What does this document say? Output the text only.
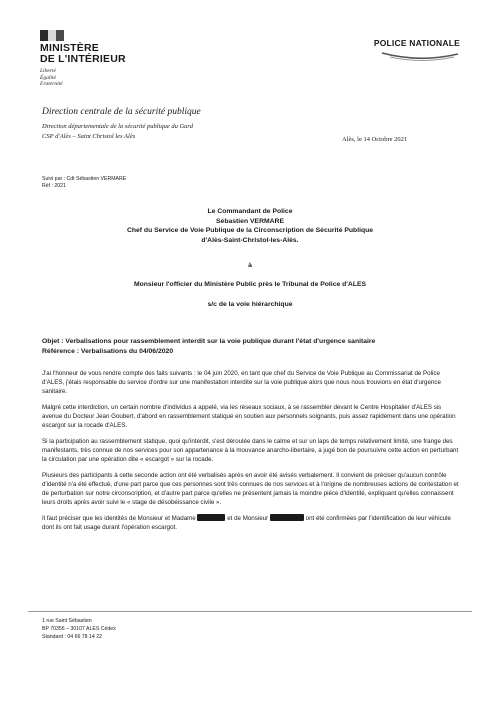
MINISTÈRE
DE L'INTÉRIEUR
Liberté
Égalité
Fraternité
POLICE NATIONALE
Direction centrale de la sécurité publique
Direction départementale de la sécurité publique du Gard
CSP d'Alès – Saint Christol les Alès	Alès, le 14 Octobre 2021
Suivi par : Cdt Sébastien VERMARE
Réf : 2021
Le Commandant de Police
Sébastien VERMARE
Chef du Service de Voie Publique de la Circonscription de Sécurité Publique
d'Alès-Saint-Christol-les-Alès.
à
Monsieur l'officier du Ministère Public près le Tribunal de Police d'ALES
s/c de la voie hiérarchique
Objet : Verbalisations pour rassemblement interdit sur la voie publique durant l'état d'urgence sanitaire
Référence : Verbalisations du 04/06/2020

J'ai l'honneur de vous rendre compte des faits suivants : le 04 juin 2020, en tant que chef du Service de Voie Publique au Commissariat de Police d'ALES, j'étais responsable du service d'ordre sur une manifestation interdite sur la voie publique alors que nous nous trouvions en état d'urgence sanitaire.

Malgré cette interdiction, un certain nombre d'individus a appelé, via les réseaux sociaux, à se rassembler devant le Centre Hospitalier d'ALES sis avenue du Docteur Jean Goubert, d'abord en rassemblement statique en soutien aux personnels soignants, puis assez rapidement dans une opération escargot sur la rocade d'ALES.

Si la participation au rassemblement statique, quoi qu'interdit, s'est déroulée dans le calme et sur un laps de temps relativement limité, une frange des manifestants, très connue de nos services pour son appartenance à la mouvance anarcho-libertaire, a jugé bon de poursuivre cette action en perturbant la circulation par une opération dite « escargot » sur la rocade.

Plusieurs des participants à cette seconde action ont été verbalisés après en avoir été avisés verbalement. Il convient de préciser qu'aucun contrôle d'identité n'a été effectué, d'une part parce que ces personnes sont très connues de nos services et à l'origine de nombreuses actions de contestation et de perturbation sur notre circonscription, et d'autre part parce qu'elles ne présentent jamais la moindre pièce d'identité, expliquant qu'elles connaissent leurs droits après avoir suivi le « stage de désobéissance civile ».

Il faut préciser que les identités de Monsieur et Madame	et de Monsieur	ont été confirmées par l'identification de leur véhicule dont ils ont fait usage durant l'opération escargot.

1 rue Saint Sébastien
BP 70356 – 30107 ALES Cédex
Standard : 04 66 78 14 22
